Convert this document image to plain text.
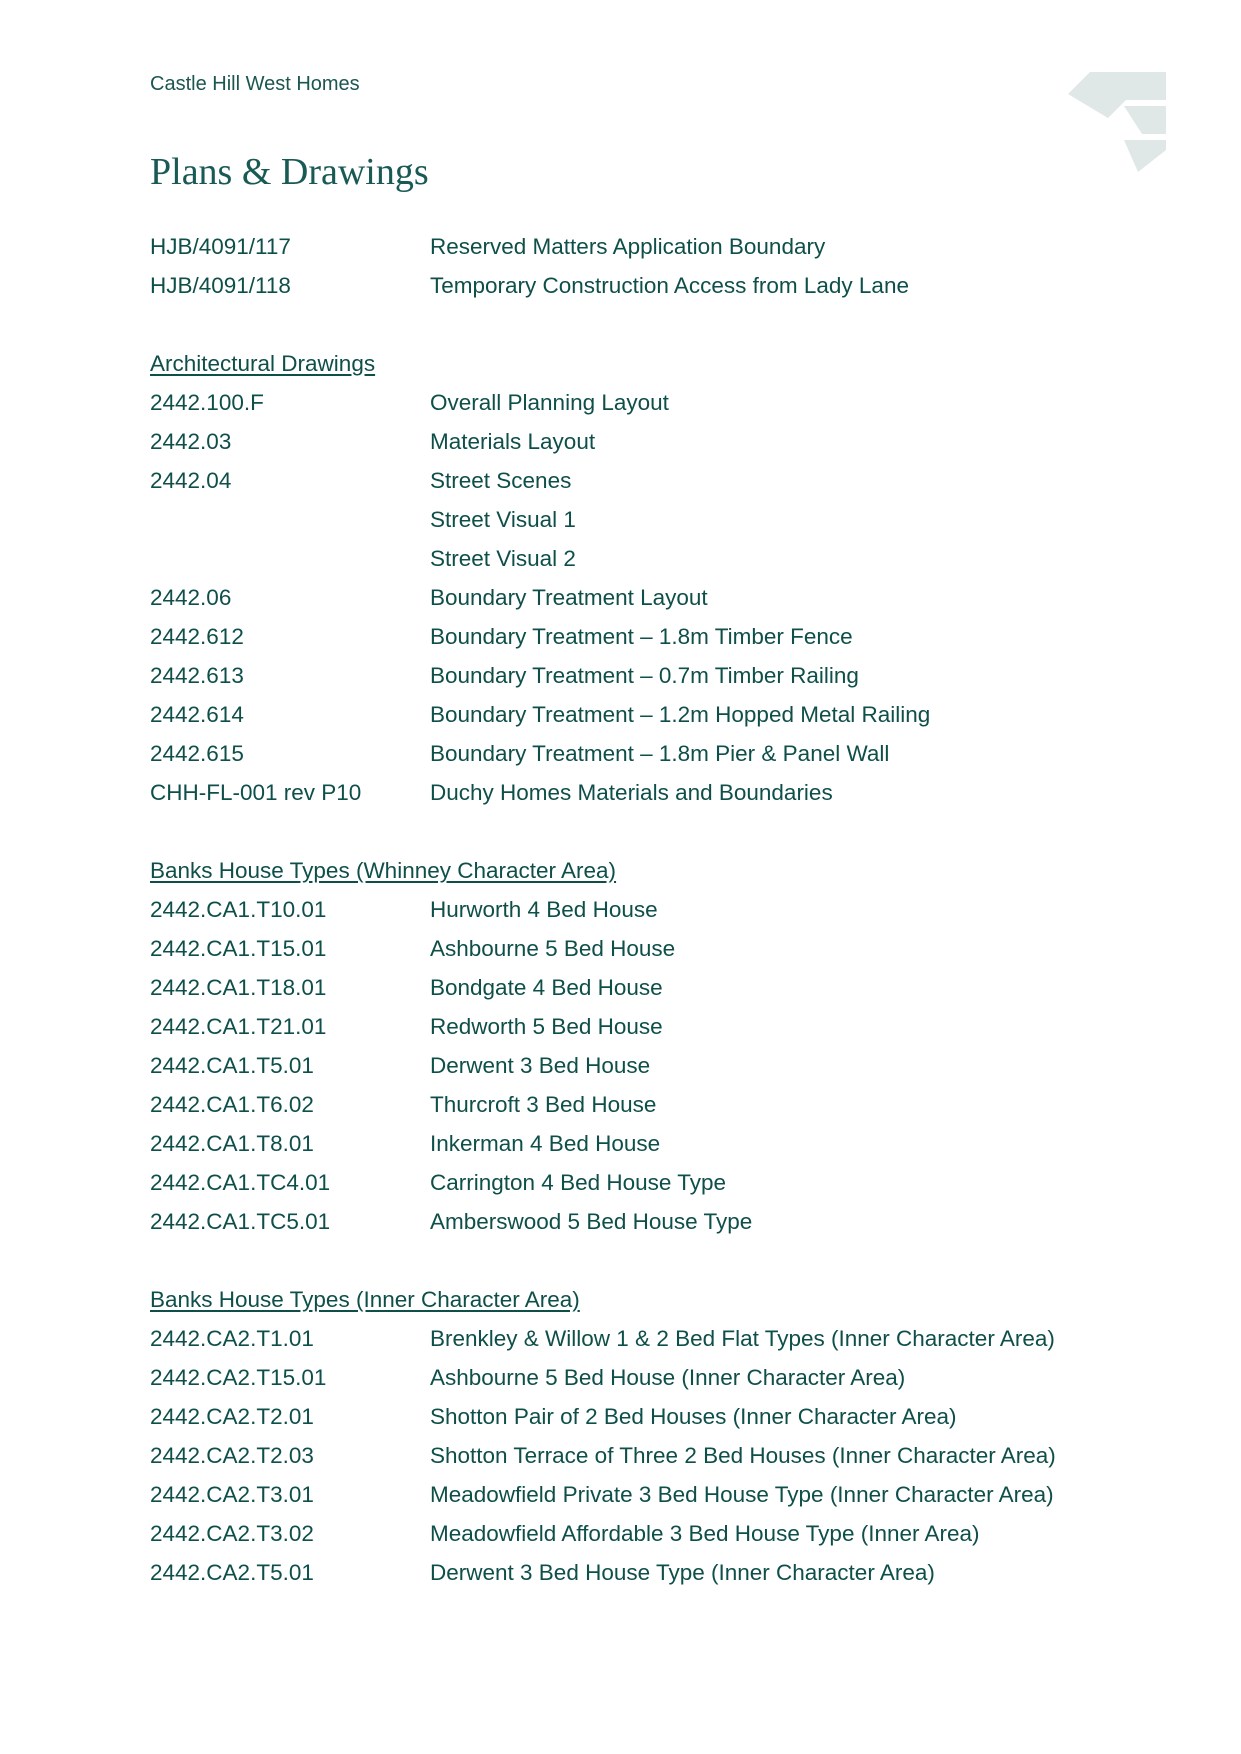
Castle Hill West Homes
Plans & Drawings
HJB/4091/117	Reserved Matters Application Boundary
HJB/4091/118	Temporary Construction Access from Lady Lane
Architectural Drawings
2442.100.F	Overall Planning Layout
2442.03	Materials Layout
2442.04	Street Scenes
Street Visual 1
Street Visual 2
2442.06	Boundary Treatment Layout
2442.612	Boundary Treatment – 1.8m Timber Fence
2442.613	Boundary Treatment – 0.7m Timber Railing
2442.614	Boundary Treatment – 1.2m Hopped Metal Railing
2442.615	Boundary Treatment – 1.8m Pier & Panel Wall
CHH-FL-001 rev P10	Duchy Homes Materials and Boundaries
Banks House Types (Whinney Character Area)
2442.CA1.T10.01	Hurworth 4 Bed House
2442.CA1.T15.01	Ashbourne 5 Bed House
2442.CA1.T18.01	Bondgate 4 Bed House
2442.CA1.T21.01	Redworth 5 Bed House
2442.CA1.T5.01	Derwent 3 Bed House
2442.CA1.T6.02	Thurcroft 3 Bed House
2442.CA1.T8.01	Inkerman 4 Bed House
2442.CA1.TC4.01	Carrington 4 Bed House Type
2442.CA1.TC5.01	Amberswood 5 Bed House Type
Banks House Types (Inner Character Area)
2442.CA2.T1.01	Brenkley & Willow 1 & 2 Bed Flat Types (Inner Character Area)
2442.CA2.T15.01	Ashbourne 5 Bed House (Inner Character Area)
2442.CA2.T2.01	Shotton Pair of 2 Bed Houses (Inner Character Area)
2442.CA2.T2.03	Shotton Terrace of Three 2 Bed Houses (Inner Character Area)
2442.CA2.T3.01	Meadowfield Private 3 Bed House Type (Inner Character Area)
2442.CA2.T3.02	Meadowfield Affordable 3 Bed House Type (Inner Area)
2442.CA2.T5.01	Derwent 3 Bed House Type (Inner Character Area)
